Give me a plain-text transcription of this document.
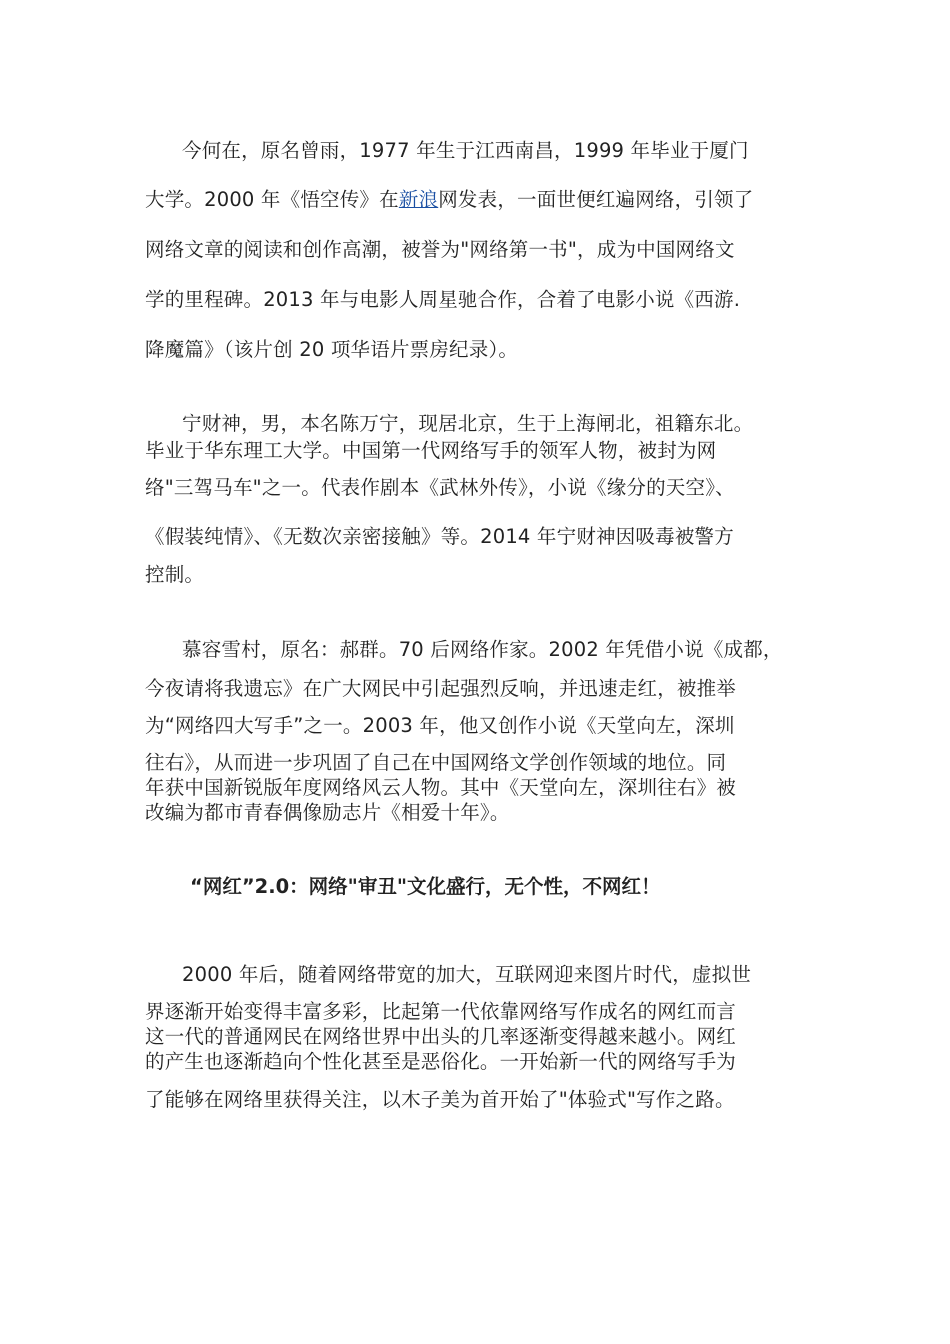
今何在，原名曾雨，1977 年生于江西南昌，1999 年毕业于厦门
大学。2000 年《悟空传》在新浪网发表，一面世便红遍网络，引领了
网络文章的阅读和创作高潮，被誉为"网络第一书"，成为中国网络文
学的里程碑。2013 年与电影人周星驰合作，合着了电影小说《西游.
降魔篇》（该片创 20 项华语片票房纪录）。
宁财神，男，本名陈万宁，现居北京，生于上海闸北，祖籍东北。
毕业于华东理工大学。中国第一代网络写手的领军人物，被封为网
络"三驾马车"之一。代表作剧本《武林外传》，小说《缘分的天空》、
《假装纯情》、《无数次亲密接触》等。2014 年宁财神因吸毒被警方
控制。
慕容雪村，原名：郝群。70 后网络作家。2002 年凭借小说《成都，
今夜请将我遗忘》在广大网民中引起强烈反响，并迅速走红，被推举
为“网络四大写手”之一。2003 年，他又创作小说《天堂向左，深圳
往右》，从而进一步巩固了自己在中国网络文学创作领域的地位。同
年获中国新锐版年度网络风云人物。其中《天堂向左，深圳往右》被
改编为都市青春偶像励志片《相爱十年》。
“网红”2.0：网络"审丑"文化盛行，无个性，不网红！
2000 年后，随着网络带宽的加大，互联网迎来图片时代，虚拟世
界逐渐开始变得丰富多彩，比起第一代依靠网络写作成名的网红而言
这一代的普通网民在网络世界中出头的几率逐渐变得越来越小。网红
的产生也逐渐趋向个性化甚至是恶俗化。一开始新一代的网络写手为
了能够在网络里获得关注，以木子美为首开始了"体验式"写作之路。
